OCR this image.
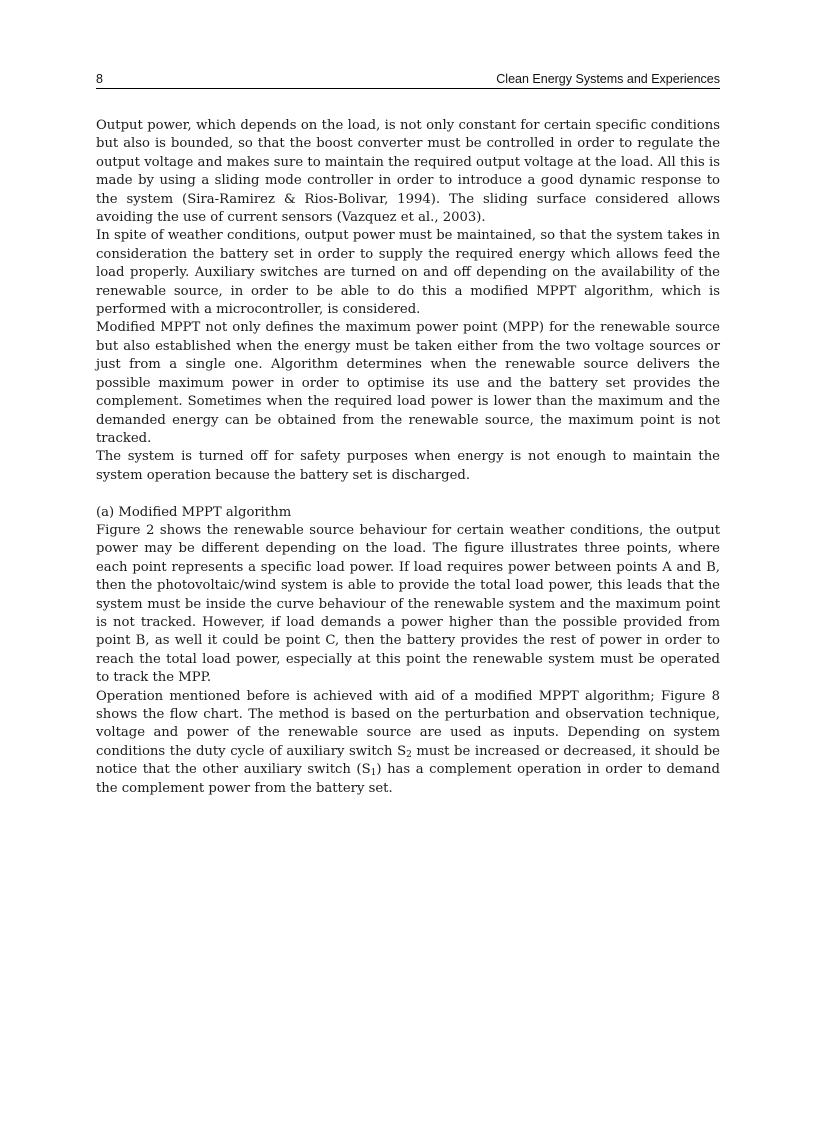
8	Clean Energy Systems and Experiences

Output power, which depends on the load, is not only constant for certain specific conditions but also is bounded, so that the boost converter must be controlled in order to regulate the output voltage and makes sure to maintain the required output voltage at the load. All this is made by using a sliding mode controller in order to introduce a good dynamic response to the system (Sira-Ramirez & Rios-Bolivar, 1994). The sliding surface considered allows avoiding the use of current sensors (Vazquez et al., 2003).

In spite of weather conditions, output power must be maintained, so that the system takes in consideration the battery set in order to supply the required energy which allows feed the load properly. Auxiliary switches are turned on and off depending on the availability of the renewable source, in order to be able to do this a modified MPPT algorithm, which is performed with a microcontroller, is considered.

Modified MPPT not only defines the maximum power point (MPP) for the renewable source but also established when the energy must be taken either from the two voltage sources or just from a single one. Algorithm determines when the renewable source delivers the possible maximum power in order to optimise its use and the battery set provides the complement. Sometimes when the required load power is lower than the maximum and the demanded energy can be obtained from the renewable source, the maximum point is not tracked.

The system is turned off for safety purposes when energy is not enough to maintain the system operation because the battery set is discharged.

(a) Modified MPPT algorithm

Figure 2 shows the renewable source behaviour for certain weather conditions, the output power may be different depending on the load. The figure illustrates three points, where each point represents a specific load power. If load requires power between points A and B, then the photovoltaic/wind system is able to provide the total load power, this leads that the system must be inside the curve behaviour of the renewable system and the maximum point is not tracked. However, if load demands a power higher than the possible provided from point B, as well it could be point C, then the battery provides the rest of power in order to reach the total load power, especially at this point the renewable system must be operated to track the MPP.

Operation mentioned before is achieved with aid of a modified MPPT algorithm; Figure 8 shows the flow chart. The method is based on the perturbation and observation technique, voltage and power of the renewable source are used as inputs. Depending on system conditions the duty cycle of auxiliary switch $S_2$ must be increased or decreased, it should be notice that the other auxiliary switch $(S_1)$ has a complement operation in order to demand the complement power from the battery set.
